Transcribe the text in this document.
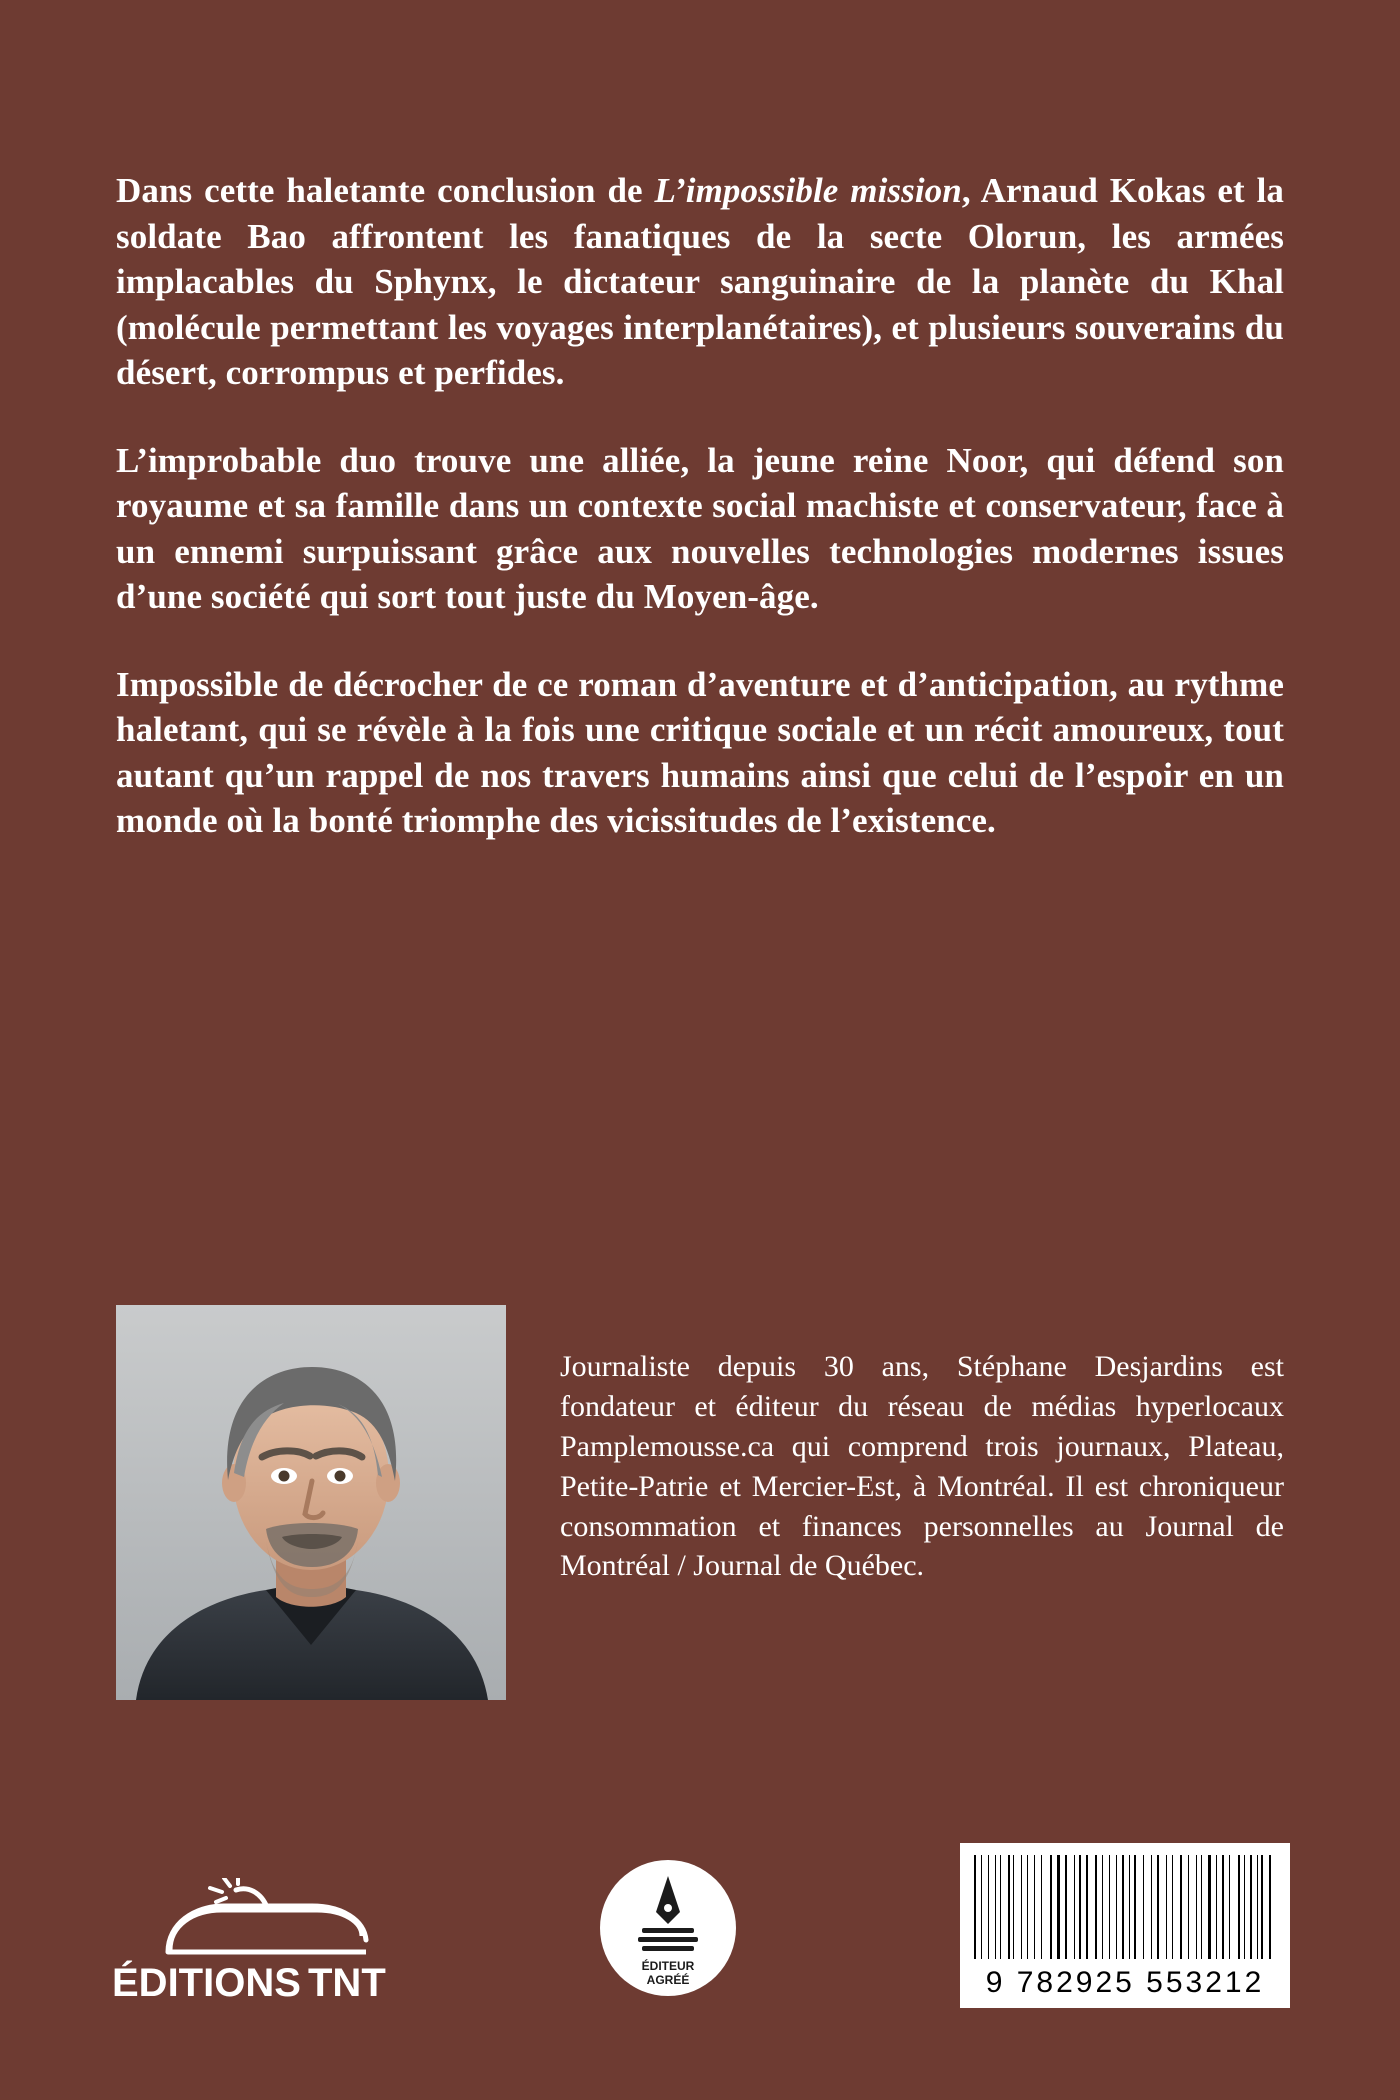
Dans cette haletante conclusion de L’impossible mission, Arnaud Kokas et la soldate Bao affrontent les fanatiques de la secte Olorun, les armées implacables du Sphynx, le dictateur sanguinaire de la planète du Khal (molécule permettant les voyages interplanétaires), et plusieurs souverains du désert, corrompus et perfides.

L’improbable duo trouve une alliée, la jeune reine Noor, qui défend son royaume et sa famille dans un contexte social machiste et conservateur, face à un ennemi surpuissant grâce aux nouvelles technologies modernes issues d’une société qui sort tout juste du Moyen-âge.

Impossible de décrocher de ce roman d’aventure et d’anticipation, au rythme haletant, qui se révèle à la fois une critique sociale et un récit amoureux, tout autant qu’un rappel de nos travers humains ainsi que celui de l’espoir en un monde où la bonté triomphe des vicissitudes de l’existence.

Journaliste depuis 30 ans, Stéphane Desjardins est fondateur et éditeur du réseau de médias hyperlocaux Pamplemousse.ca qui comprend trois journaux, Plateau, Petite-Patrie et Mercier-Est, à Montréal. Il est chroniqueur consommation et finances personnelles au Journal de Montréal / Journal de Québec.
ÉDITIONS TNT	ÉDITEUR
AGRÉÉ	9 782925 553212
